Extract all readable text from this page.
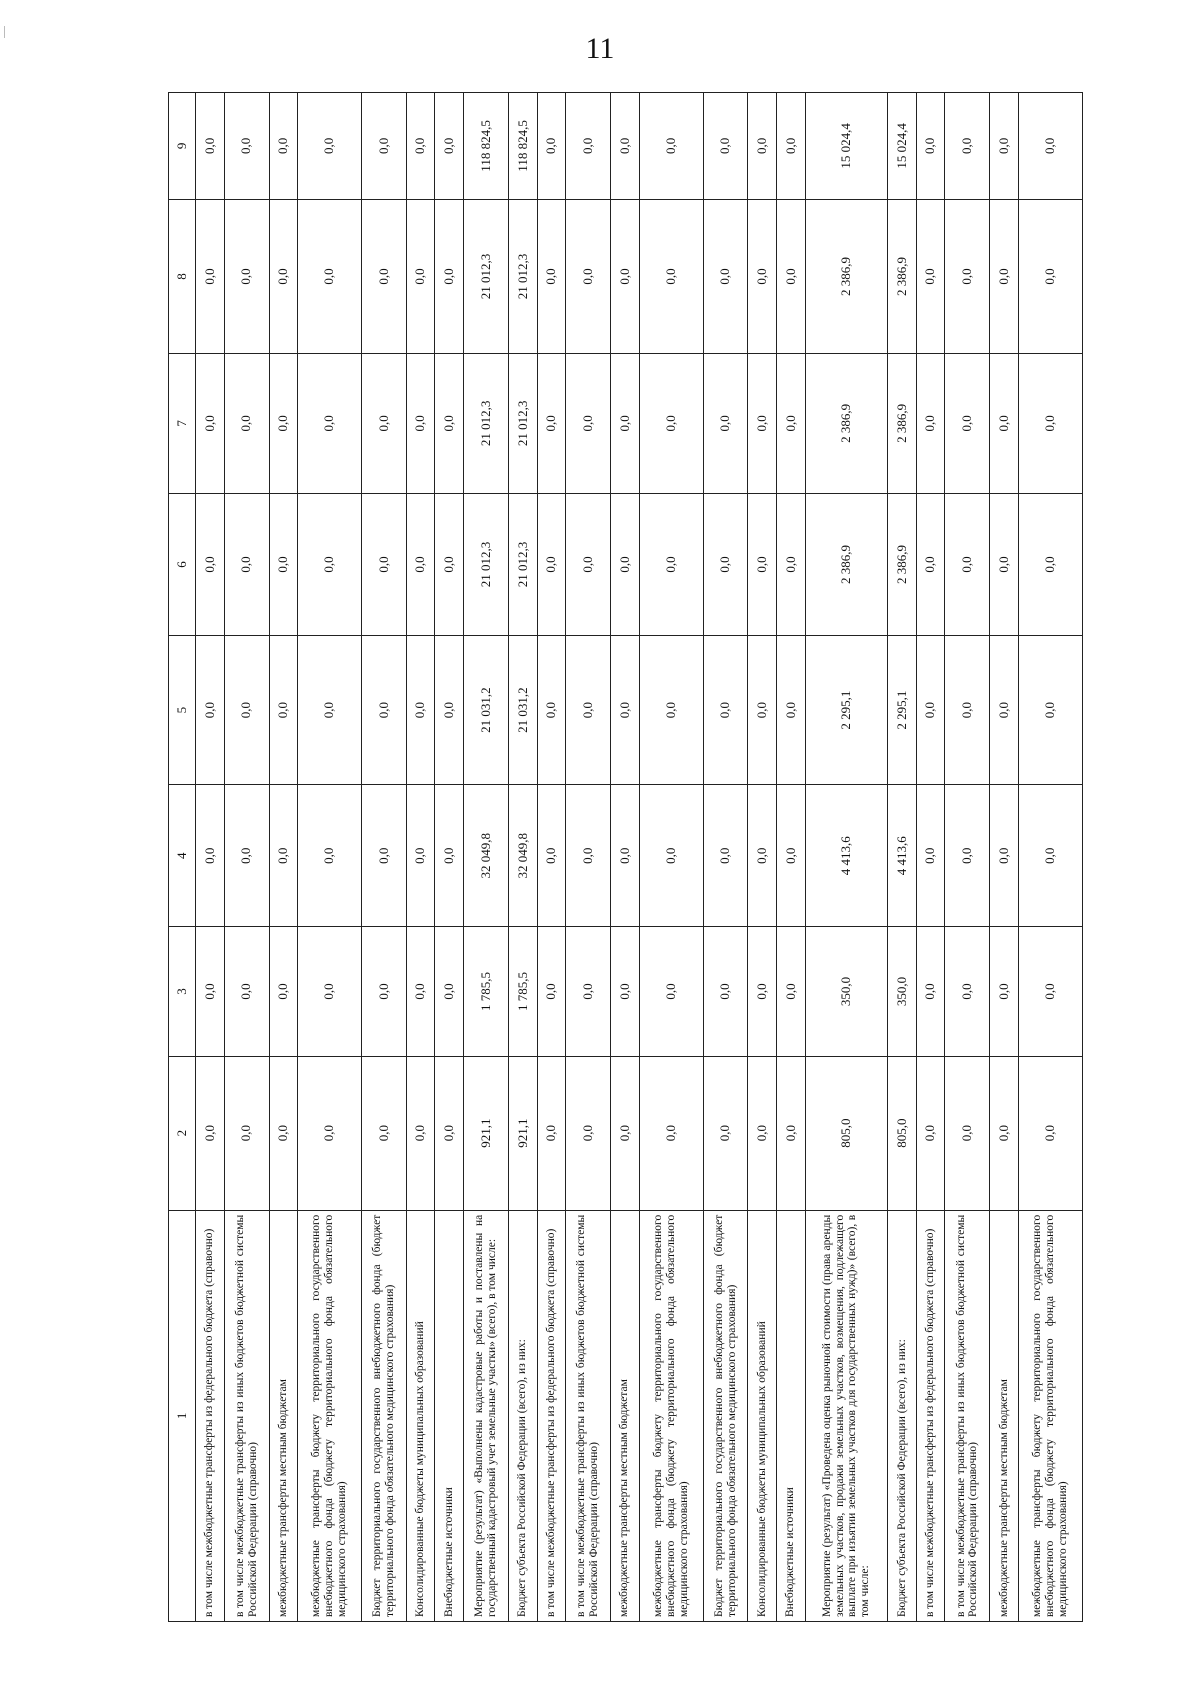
11
1	2	3	4	5	6	7	8	9
в том числе межбюджетные трансферты из федерального бюджета (справочно)	0,0	0,0	0,0	0,0	0,0	0,0	0,0	0,0
в том числе межбюджетные трансферты из иных бюджетов бюджетной системы Российской Федерации (справочно)	0,0	0,0	0,0	0,0	0,0	0,0	0,0	0,0
межбюджетные трансферты местным бюджетам	0,0	0,0	0,0	0,0	0,0	0,0	0,0	0,0
межбюджетные трансферты бюджету территориального государственного внебюджетного фонда (бюджету территориального фонда обязательного медицинского страхования)	0,0	0,0	0,0	0,0	0,0	0,0	0,0	0,0
Бюджет территориального государственного внебюджетного фонда (бюджет территориального фонда обязательного медицинского страхования)	0,0	0,0	0,0	0,0	0,0	0,0	0,0	0,0
Консолидированные бюджеты муниципальных образований	0,0	0,0	0,0	0,0	0,0	0,0	0,0	0,0
Внебюджетные источники	0,0	0,0	0,0	0,0	0,0	0,0	0,0	0,0
Мероприятие (результат) «Выполнены кадастровые работы и поставлены на государственный кадастровый учет земельные участки» (всего), в том числе:	921,1	1 785,5	32 049,8	21 031,2	21 012,3	21 012,3	21 012,3	118 824,5
Бюджет субъекта Российской Федерации (всего), из них:	921,1	1 785,5	32 049,8	21 031,2	21 012,3	21 012,3	21 012,3	118 824,5
в том числе межбюджетные трансферты из федерального бюджета (справочно)	0,0	0,0	0,0	0,0	0,0	0,0	0,0	0,0
в том числе межбюджетные трансферты из иных бюджетов бюджетной системы Российской Федерации (справочно)	0,0	0,0	0,0	0,0	0,0	0,0	0,0	0,0
межбюджетные трансферты местным бюджетам	0,0	0,0	0,0	0,0	0,0	0,0	0,0	0,0
межбюджетные трансферты бюджету территориального государственного внебюджетного фонда (бюджету территориального фонда обязательного медицинского страхования)	0,0	0,0	0,0	0,0	0,0	0,0	0,0	0,0
Бюджет территориального государственного внебюджетного фонда (бюджет территориального фонда обязательного медицинского страхования)	0,0	0,0	0,0	0,0	0,0	0,0	0,0	0,0
Консолидированные бюджеты муниципальных образований	0,0	0,0	0,0	0,0	0,0	0,0	0,0	0,0
Внебюджетные источники	0,0	0,0	0,0	0,0	0,0	0,0	0,0	0,0
Мероприятие (результат) «Проведена оценка рыночной стоимости (права аренды земельных участков, продажи земельных участков, возмещения, подлежащего выплате при изъятии земельных участков для государственных нужд)» (всего), в том числе:	805,0	350,0	4 413,6	2 295,1	2 386,9	2 386,9	2 386,9	15 024,4
Бюджет субъекта Российской Федерации (всего), из них:	805,0	350,0	4 413,6	2 295,1	2 386,9	2 386,9	2 386,9	15 024,4
в том числе межбюджетные трансферты из федерального бюджета (справочно)	0,0	0,0	0,0	0,0	0,0	0,0	0,0	0,0
в том числе межбюджетные трансферты из иных бюджетов бюджетной системы Российской Федерации (справочно)	0,0	0,0	0,0	0,0	0,0	0,0	0,0	0,0
межбюджетные трансферты местным бюджетам	0,0	0,0	0,0	0,0	0,0	0,0	0,0	0,0
межбюджетные трансферты бюджету территориального государственного внебюджетного фонда (бюджету территориального фонда обязательного медицинского страхования)	0,0	0,0	0,0	0,0	0,0	0,0	0,0	0,0
